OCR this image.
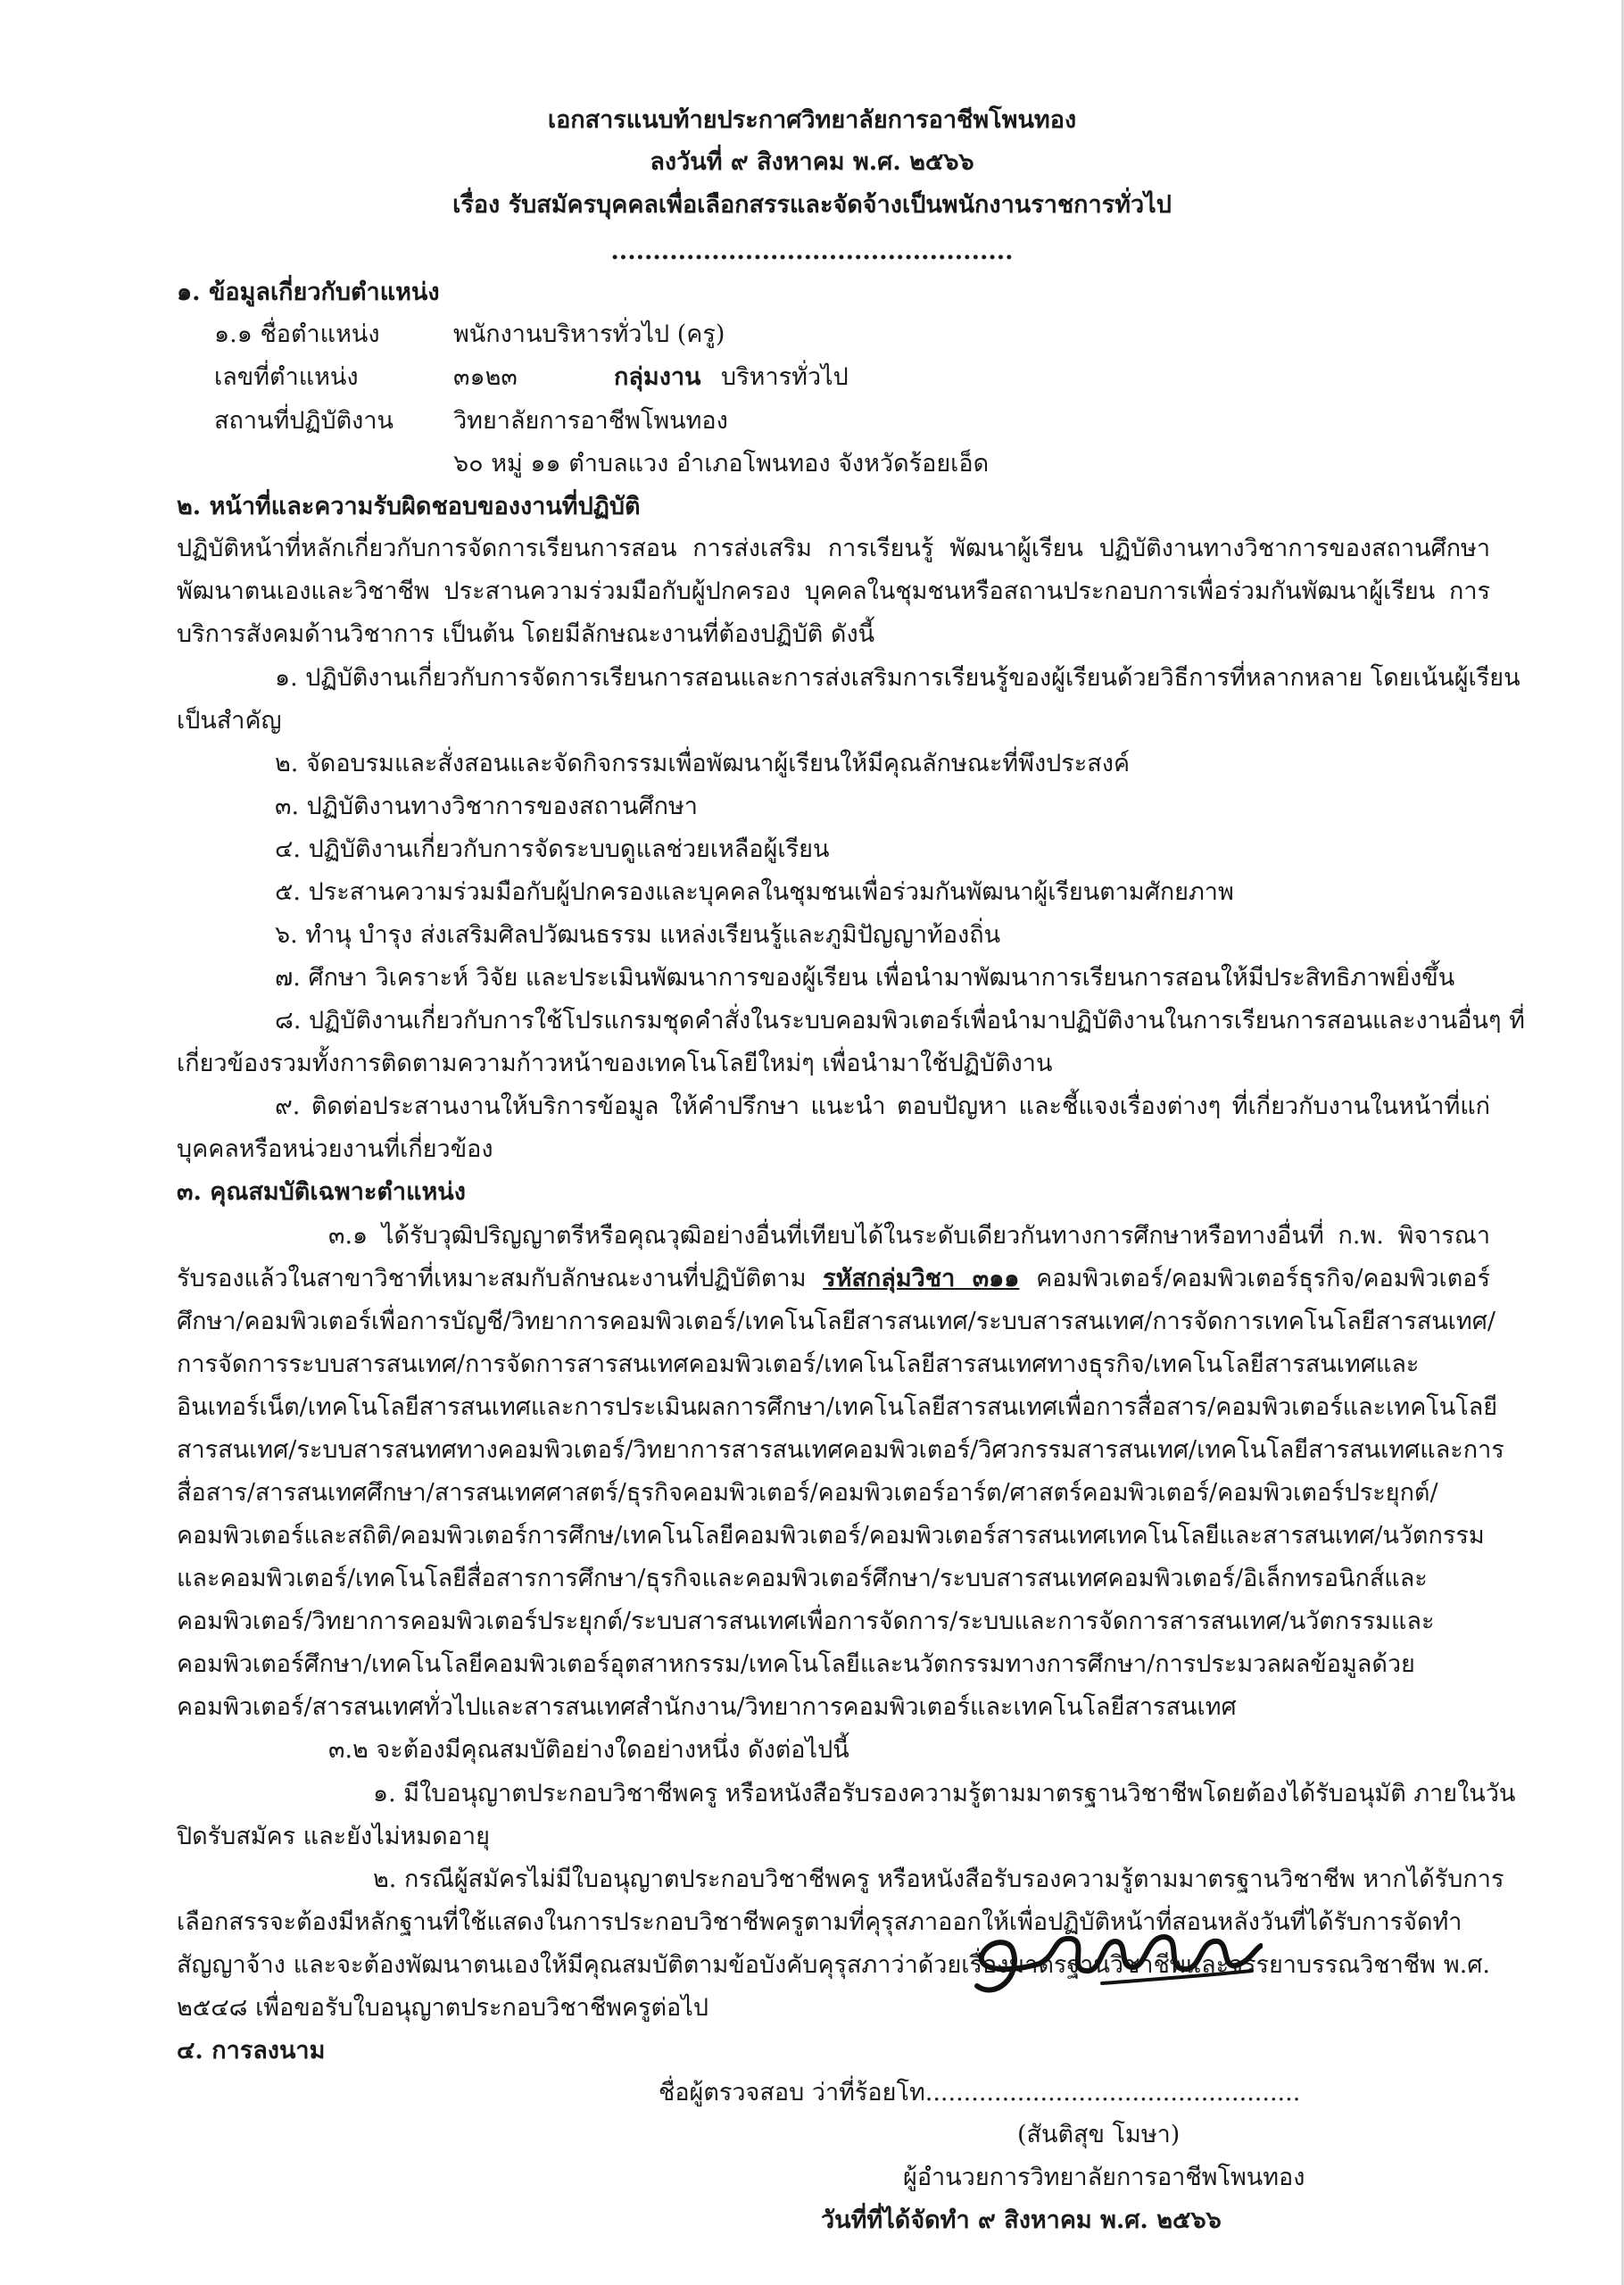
เอกสารแนบท้ายประกาศวิทยาลัยการอาชีพโพนทอง
ลงวันที่ ๙ สิงหาคม พ.ศ. ๒๕๖๖
เรื่อง รับสมัครบุคคลเพื่อเลือกสรรและจัดจ้างเป็นพนักงานราชการทั่วไป
................................................
๑. ข้อมูลเกี่ยวกับตำแหน่ง
๑.๑ ชื่อตำแหน่ง	พนักงานบริหารทั่วไป (ครู)
เลขที่ตำแหน่ง	๓๑๒๓	กลุ่มงาน บริหารทั่วไป
สถานที่ปฏิบัติงาน วิทยาลัยการอาชีพโพนทอง
๖๐ หมู่ ๑๑ ตำบลแวง อำเภอโพนทอง จังหวัดร้อยเอ็ด
๒. หน้าที่และความรับผิดชอบของงานที่ปฏิบัติ
ปฏิบัติหน้าที่หลักเกี่ยวกับการจัดการเรียนการสอน การส่งเสริม การเรียนรู้ พัฒนาผู้เรียน ปฏิบัติงานทางวิชาการของสถานศึกษา
พัฒนาตนเองและวิชาชีพ ประสานความร่วมมือกับผู้ปกครอง บุคคลในชุมชนหรือสถานประกอบการเพื่อร่วมกันพัฒนาผู้เรียน การ
บริการสังคมด้านวิชาการ เป็นต้น โดยมีลักษณะงานที่ต้องปฏิบัติ ดังนี้
๑. ปฏิบัติงานเกี่ยวกับการจัดการเรียนการสอนและการส่งเสริมการเรียนรู้ของผู้เรียนด้วยวิธีการที่หลากหลาย โดยเน้นผู้เรียน
เป็นสำคัญ
๒. จัดอบรมและสั่งสอนและจัดกิจกรรมเพื่อพัฒนาผู้เรียนให้มีคุณลักษณะที่พึงประสงค์
๓. ปฏิบัติงานทางวิชาการของสถานศึกษา
๔. ปฏิบัติงานเกี่ยวกับการจัดระบบดูแลช่วยเหลือผู้เรียน
๕. ประสานความร่วมมือกับผู้ปกครองและบุคคลในชุมชนเพื่อร่วมกันพัฒนาผู้เรียนตามศักยภาพ
๖. ทำนุ บำรุง ส่งเสริมศิลปวัฒนธรรม แหล่งเรียนรู้และภูมิปัญญาท้องถิ่น
๗. ศึกษา วิเคราะห์ วิจัย และประเมินพัฒนาการของผู้เรียน เพื่อนำมาพัฒนาการเรียนการสอนให้มีประสิทธิภาพยิ่งขึ้น
๘. ปฏิบัติงานเกี่ยวกับการใช้โปรแกรมชุดคำสั่งในระบบคอมพิวเตอร์เพื่อนำมาปฏิบัติงานในการเรียนการสอนและงานอื่นๆ ที่
เกี่ยวข้องรวมทั้งการติดตามความก้าวหน้าของเทคโนโลยีใหม่ๆ เพื่อนำมาใช้ปฏิบัติงาน
๙. ติดต่อประสานงานให้บริการข้อมูล ให้คำปรึกษา แนะนำ ตอบปัญหา และชี้แจงเรื่องต่างๆ ที่เกี่ยวกับงานในหน้าที่แก่
บุคคลหรือหน่วยงานที่เกี่ยวข้อง
๓. คุณสมบัติเฉพาะตำแหน่ง
๓.๑ ได้รับวุฒิปริญญาตรีหรือคุณวุฒิอย่างอื่นที่เทียบได้ในระดับเดียวกันทางการศึกษาหรือทางอื่นที่ ก.พ. พิจารณา
รับรองแล้วในสาขาวิชาที่เหมาะสมกับลักษณะงานที่ปฏิบัติตาม รหัสกลุ่มวิชา ๓๑๑ คอมพิวเตอร์/คอมพิวเตอร์ธุรกิจ/คอมพิวเตอร์
ศึกษา/คอมพิวเตอร์เพื่อการบัญชี/วิทยาการคอมพิวเตอร์/เทคโนโลยีสารสนเทศ/ระบบสารสนเทศ/การจัดการเทคโนโลยีสารสนเทศ/
การจัดการระบบสารสนเทศ/การจัดการสารสนเทศคอมพิวเตอร์/เทคโนโลยีสารสนเทศทางธุรกิจ/เทคโนโลยีสารสนเทศและ
อินเทอร์เน็ต/เทคโนโลยีสารสนเทศและการประเมินผลการศึกษา/เทคโนโลยีสารสนเทศเพื่อการสื่อสาร/คอมพิวเตอร์และเทคโนโลยี
สารสนเทศ/ระบบสารสนทศทางคอมพิวเตอร์/วิทยาการสารสนเทศคอมพิวเตอร์/วิศวกรรมสารสนเทศ/เทคโนโลยีสารสนเทศและการ
สื่อสาร/สารสนเทศศึกษา/สารสนเทศศาสตร์/ธุรกิจคอมพิวเตอร์/คอมพิวเตอร์อาร์ต/ศาสตร์คอมพิวเตอร์/คอมพิวเตอร์ประยุกต์/
คอมพิวเตอร์และสถิติ/คอมพิวเตอร์การศึกษ/เทคโนโลยีคอมพิวเตอร์/คอมพิวเตอร์สารสนเทศเทคโนโลยีและสารสนเทศ/นวัตกรรม
และคอมพิวเตอร์/เทคโนโลยีสื่อสารการศึกษา/ธุรกิจและคอมพิวเตอร์ศึกษา/ระบบสารสนเทศคอมพิวเตอร์/อิเล็กทรอนิกส์และ
คอมพิวเตอร์/วิทยาการคอมพิวเตอร์ประยุกต์/ระบบสารสนเทศเพื่อการจัดการ/ระบบและการจัดการสารสนเทศ/นวัตกรรมและ
คอมพิวเตอร์ศึกษา/เทคโนโลยีคอมพิวเตอร์อุตสาหกรรม/เทคโนโลยีและนวัตกรรมทางการศึกษา/การประมวลผลข้อมูลด้วย
คอมพิวเตอร์/สารสนเทศทั่วไปและสารสนเทศสำนักงาน/วิทยาการคอมพิวเตอร์และเทคโนโลยีสารสนเทศ
๓.๒ จะต้องมีคุณสมบัติอย่างใดอย่างหนึ่ง ดังต่อไปนี้
๑. มีใบอนุญาตประกอบวิชาชีพครู หรือหนังสือรับรองความรู้ตามมาตรฐานวิชาชีพโดยต้องได้รับอนุมัติ ภายในวัน
ปิดรับสมัคร และยังไม่หมดอายุ
๒. กรณีผู้สมัครไม่มีใบอนุญาตประกอบวิชาชีพครู หรือหนังสือรับรองความรู้ตามมาตรฐานวิชาชีพ หากได้รับการ
เลือกสรรจะต้องมีหลักฐานที่ใช้แสดงในการประกอบวิชาชีพครูตามที่คุรุสภาออกให้เพื่อปฏิบัติหน้าที่สอนหลังวันที่ได้รับการจัดทำ
สัญญาจ้าง และจะต้องพัฒนาตนเองให้มีคุณสมบัติตามข้อบังคับคุรุสภาว่าด้วยเรื่องมาตรฐานวิชาชีพและจรรยาบรรณวิชาชีพ พ.ศ.
๒๕๔๘ เพื่อขอรับใบอนุญาตประกอบวิชาชีพครูต่อไป
๔. การลงนาม
ชื่อผู้ตรวจสอบ ว่าที่ร้อยโท.................................................
(สันติสุข โมษา)
ผู้อำนวยการวิทยาลัยการอาชีพโพนทอง
วันที่ที่ได้จัดทำ ๙ สิงหาคม พ.ศ. ๒๕๖๖
